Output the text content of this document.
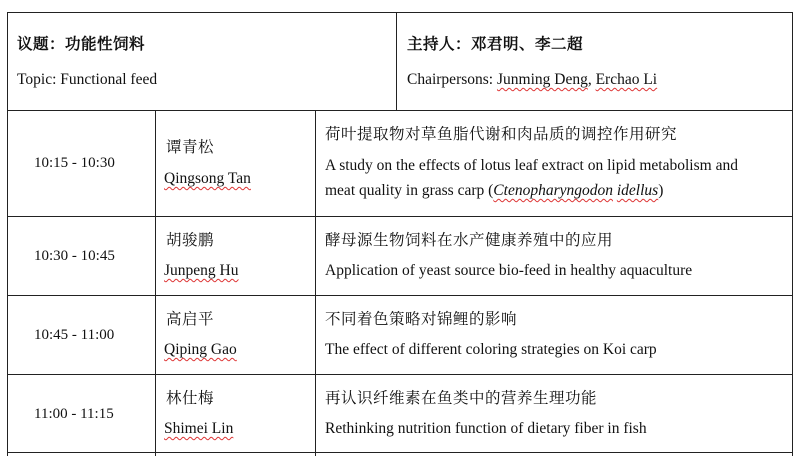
议题：功能性饲料
Topic: Functional feed
主持人：邓君明、李二超
Chairpersons: Junming Deng, Erchao Li
10:15 - 10:30
谭青松
Qingsong Tan
荷叶提取物对草鱼脂代谢和肉品质的调控作用研究
A study on the effects of lotus leaf extract on lipid metabolism and
meat quality in grass carp (Ctenopharyngodon idellus)
10:30 - 10:45
胡骏鹏
Junpeng Hu
酵母源生物饲料在水产健康养殖中的应用
Application of yeast source bio-feed in healthy aquaculture
10:45 - 11:00
高启平
Qiping Gao
不同着色策略对锦鲤的影响
The effect of different coloring strategies on Koi carp
11:00 - 11:15
林仕梅
Shimei Lin
再认识纤维素在鱼类中的营养生理功能
Rethinking nutrition function of dietary fiber in fish
